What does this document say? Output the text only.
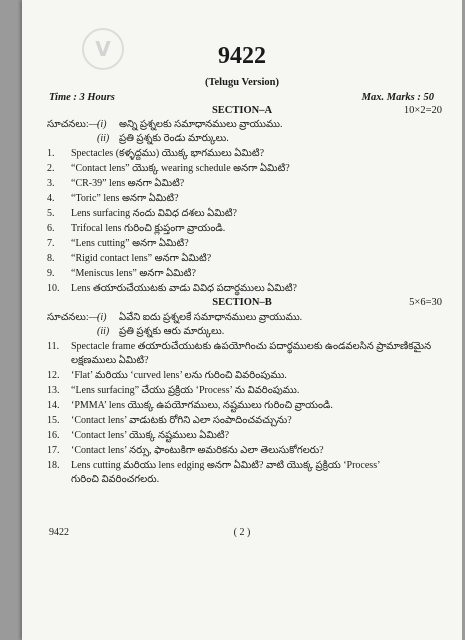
V	9422
(Telugu Version)
Time : 3 Hours	Max. Marks : 50
SECTION–A	10×2=20
సూచనలు:—(i) అన్ని ప్రశ్నలకు సమాధానములు వ్రాయుము.
(ii) ప్రతి ప్రశ్నకు రెండు మార్కులు.
1. Spectacles (కళ్ళద్దము) యొక్క భాగములు ఏమిటి?
2. “Contact lens” యొక్క wearing schedule అనగా ఏమిటి?
3. “CR-39” lens అనగా ఏమిటి?
4. “Toric” lens అనగా ఏమిటి?
5. Lens surfacing నందు వివిధ దశలు ఏమిటి?
6. Trifocal lens గురించి క్లుప్తంగా వ్రాయండి.
7. “Lens cutting” అనగా ఏమిటి?
8. “Rigid contact lens” అనగా ఏమిటి?
9. “Meniscus lens” అనగా ఏమిటి?
10. Lens తయారుచేయుటకు వాడు వివిధ పదార్థములు ఏమిటి?
SECTION–B	5×6=30
సూచనలు:—(i) ఏవేని ఐదు ప్రశ్నలకే సమాధానములు వ్రాయుము.
(ii) ప్రతి ప్రశ్నకు ఆరు మార్కులు.
11. Spectacle frame తయారుచేయుటకు ఉపయోగించు పదార్థములకు ఉండవలసిన ప్రామాణికమైన
లక్షణములు ఏమిటి?
12. ‘Flat’ మరియు ‘curved lens’ లను గురించి వివరింపుము.
13. “Lens surfacing” చేయు ప్రక్రియ ‘Process’ ను వివరింపుము.
14. ‘PMMA’ lens యొక్క ఉపయోగములు, నష్టములు గురించి వ్రాయండి.
15. ‘Contact lens’ వాడుటకు రోగిని ఎలా సంపాదించవచ్చును?
16. ‘Contact lens’ యొక్క నష్టములు ఏమిటి?
17. ‘Contact lens’ నర్సు, ఫాంటుకిగా అమరికను ఎలా తెలుసుకోగలరు?
18. Lens cutting మరియు lens edging అనగా ఏమిటి? వాటి యొక్క ప్రక్రియ ‘Process’
గురించి వివరించగలరు.
9422	( 2 )
